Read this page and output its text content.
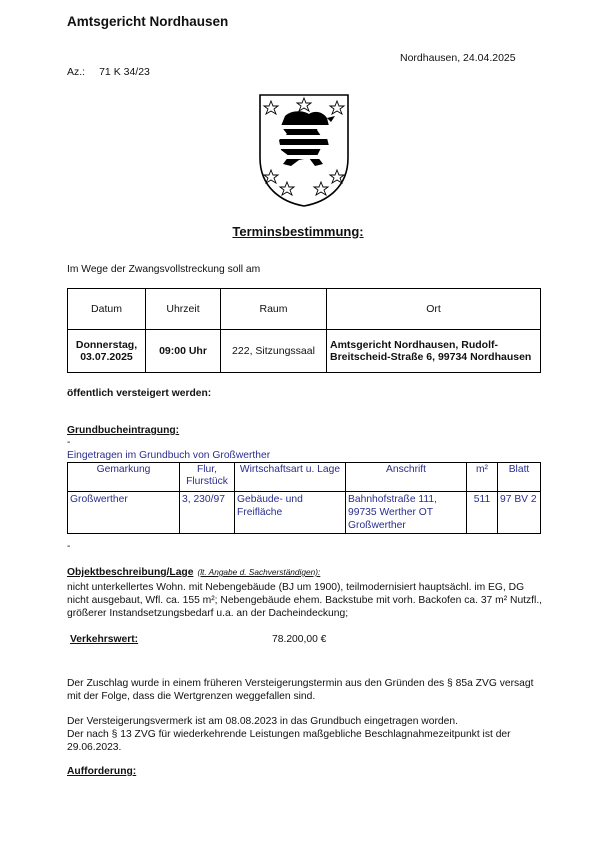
Amtsgericht Nordhausen
Nordhausen, 24.04.2025
Az.: 71 K 34/23
Terminsbestimmung:
Im Wege der Zwangsvollstreckung soll am
Datum	Uhrzeit	Raum	Ort
Donnerstag, 03.07.2025	09:00 Uhr	222, Sitzungssaal	Amtsgericht Nordhausen, Rudolf-Breitscheid-Straße 6, 99734 Nordhausen
öffentlich versteigert werden:
Grundbucheintragung:
-
Eingetragen im Grundbuch von Großwerther
Gemarkung	Flur, Flurstück	Wirtschaftsart u. Lage	Anschrift	m²	Blatt
Großwerther	3, 230/97	Gebäude- und Freifläche	Bahnhofstraße 111, 99735 Werther OT Großwerther	511	97 BV 2
-
Objektbeschreibung/Lage (lt. Angabe d. Sachverständigen):
nicht unterkellertes Wohn. mit Nebengebäude (BJ um 1900), teilmodernisiert hauptsächl. im EG, DG nicht ausgebaut, Wfl. ca. 155 m²; Nebengebäude ehem. Backstube mit vorh. Backofen ca. 37 m² Nutzfl., größerer Instandsetzungsbedarf u.a. an der Dacheindeckung;
Verkehrswert:	78.200,00 €
Der Zuschlag wurde in einem früheren Versteigerungstermin aus den Gründen des § 85a ZVG versagt mit der Folge, dass die Wertgrenzen weggefallen sind.
Der Versteigerungsvermerk ist am 08.08.2023 in das Grundbuch eingetragen worden.
Der nach § 13 ZVG für wiederkehrende Leistungen maßgebliche Beschlagnahmezeitpunkt ist der 29.06.2023.
Aufforderung:
